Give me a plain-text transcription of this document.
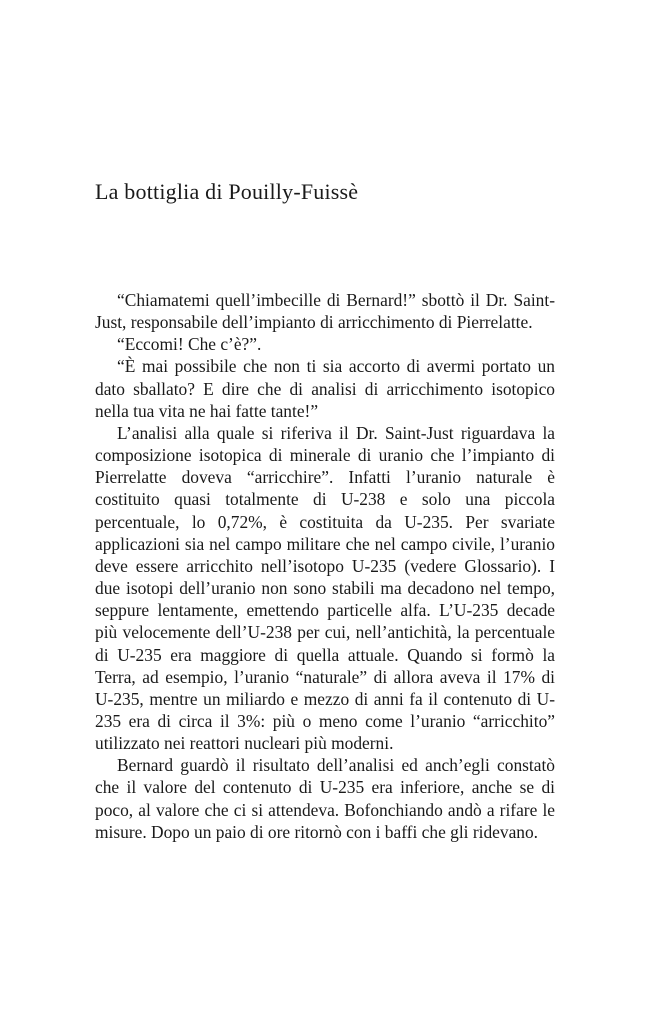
La bottiglia di Pouilly-Fuissè

“Chiamatemi quell’imbecille di Bernard!” sbottò il Dr. Saint-Just, responsabile dell’impianto di arricchimento di Pierrelatte.

“Eccomi! Che c’è?”.

“È mai possibile che non ti sia accorto di avermi portato un dato sballato? E dire che di analisi di arricchimento isotopico nella tua vita ne hai fatte tante!”

L’analisi alla quale si riferiva il Dr. Saint-Just riguardava la composizione isotopica di minerale di uranio che l’impianto di Pierrelatte doveva “arricchire”. Infatti l’uranio naturale è costituito quasi totalmente di U-238 e solo una piccola percentuale, lo 0,72%, è costituita da U-235. Per svariate applicazioni sia nel campo militare che nel campo civile, l’uranio deve essere arricchito nell’isotopo U-235 (vedere Glossario). I due isotopi dell’uranio non sono stabili ma decadono nel tempo, seppure lentamente, emettendo particelle alfa. L’U-235 decade più velocemente dell’U-238 per cui, nell’antichità, la percentuale di U-235 era maggiore di quella attuale. Quando si formò la Terra, ad esempio, l’uranio “naturale” di allora aveva il 17% di U-235, mentre un miliardo e mezzo di anni fa il contenuto di U-235 era di circa il 3%: più o meno come l’uranio “arricchito” utilizzato nei reattori nucleari più moderni.

Bernard guardò il risultato dell’analisi ed anch’egli constatò che il valore del contenuto di U-235 era inferiore, anche se di poco, al valore che ci si attendeva. Bofonchiando andò a rifare le misure. Dopo un paio di ore ritornò con i baffi che gli ridevano.
